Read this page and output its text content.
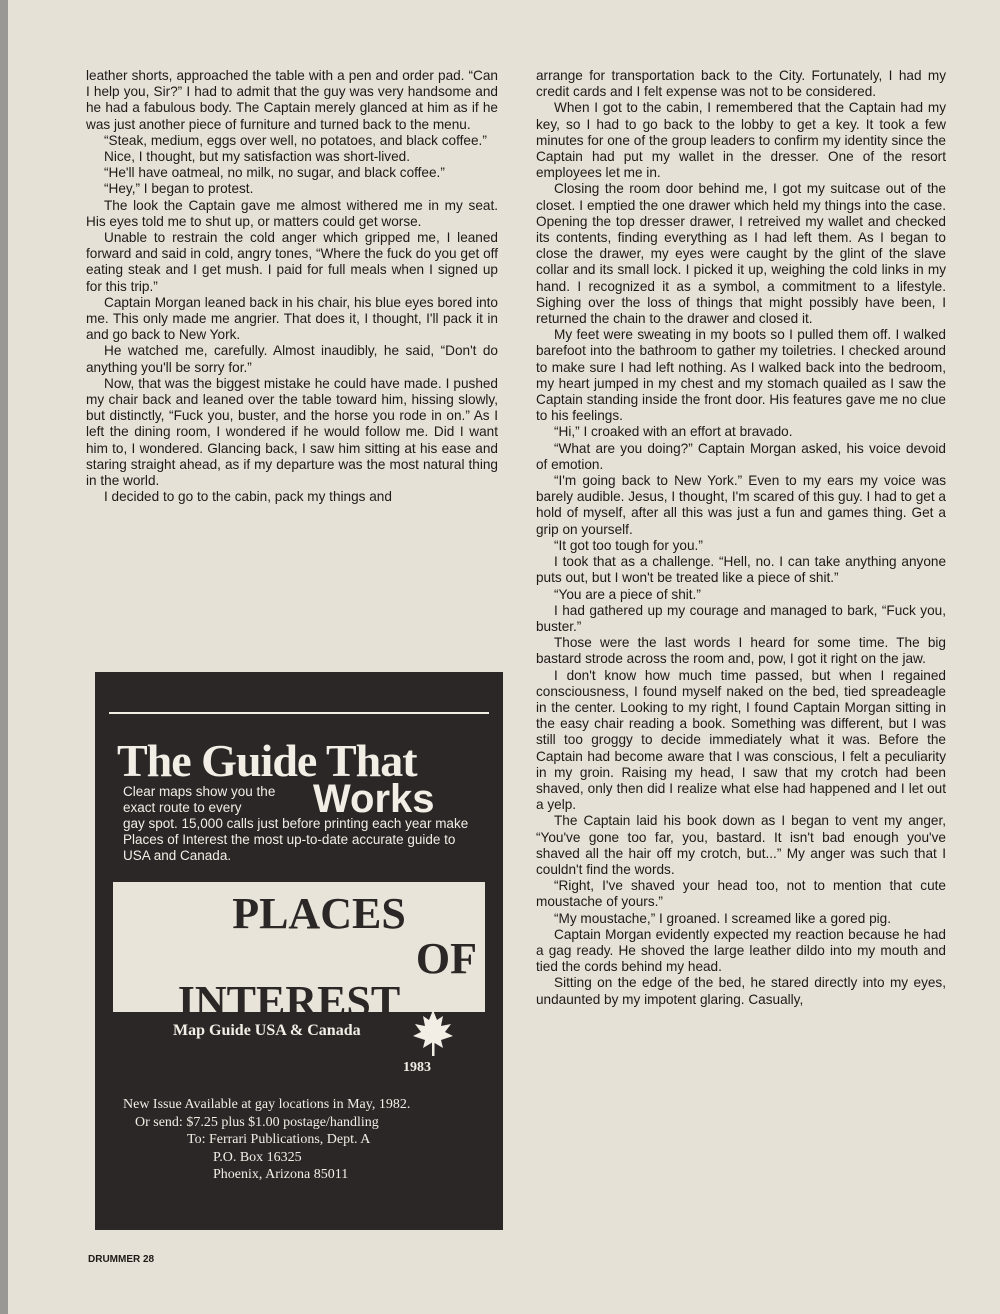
leather shorts, approached the table with a pen and order pad. “Can I help you, Sir?” I had to admit that the guy was very handsome and he had a fabulous body. The Captain merely glanced at him as if he was just another piece of furniture and turned back to the menu.

“Steak, medium, eggs over well, no potatoes, and black coffee.”

Nice, I thought, but my satisfaction was short-lived.

“He'll have oatmeal, no milk, no sugar, and black coffee.”

“Hey,” I began to protest.

The look the Captain gave me almost withered me in my seat. His eyes told me to shut up, or matters could get worse.

Unable to restrain the cold anger which gripped me, I leaned forward and said in cold, angry tones, “Where the fuck do you get off eating steak and I get mush. I paid for full meals when I signed up for this trip.”

Captain Morgan leaned back in his chair, his blue eyes bored into me. This only made me angrier. That does it, I thought, I'll pack it in and go back to New York.

He watched me, carefully. Almost inaudibly, he said, “Don't do anything you'll be sorry for.”

Now, that was the biggest mistake he could have made. I pushed my chair back and leaned over the table toward him, hissing slowly, but distinctly, “Fuck you, buster, and the horse you rode in on.” As I left the dining room, I wondered if he would follow me. Did I want him to, I wondered. Glancing back, I saw him sitting at his ease and staring straight ahead, as if my departure was the most natural thing in the world.

I decided to go to the cabin, pack my things and

arrange for transportation back to the City. Fortunately, I had my credit cards and I felt expense was not to be considered.

When I got to the cabin, I remembered that the Captain had my key, so I had to go back to the lobby to get a key. It took a few minutes for one of the group leaders to confirm my identity since the Captain had put my wallet in the dresser. One of the resort employees let me in.

Closing the room door behind me, I got my suitcase out of the closet. I emptied the one drawer which held my things into the case. Opening the top dresser drawer, I retreived my wallet and checked its contents, finding everything as I had left them. As I began to close the drawer, my eyes were caught by the glint of the slave collar and its small lock. I picked it up, weighing the cold links in my hand. I recognized it as a symbol, a commitment to a lifestyle. Sighing over the loss of things that might possibly have been, I returned the chain to the drawer and closed it.

My feet were sweating in my boots so I pulled them off. I walked barefoot into the bathroom to gather my toiletries. I checked around to make sure I had left nothing. As I walked back into the bedroom, my heart jumped in my chest and my stomach quailed as I saw the Captain standing inside the front door. His features gave me no clue to his feelings.

“Hi,” I croaked with an effort at bravado.

“What are you doing?” Captain Morgan asked, his voice devoid of emotion.

“I'm going back to New York.” Even to my ears my voice was barely audible. Jesus, I thought, I'm scared of this guy. I had to get a hold of myself, after all this was just a fun and games thing. Get a grip on yourself.

“It got too tough for you.”

I took that as a challenge. “Hell, no. I can take anything anyone puts out, but I won't be treated like a piece of shit.”

“You are a piece of shit.”

I had gathered up my courage and managed to bark, “Fuck you, buster.”

Those were the last words I heard for some time. The big bastard strode across the room and, pow, I got it right on the jaw.

I don't know how much time passed, but when I regained consciousness, I found myself naked on the bed, tied spreadeagle in the center. Looking to my right, I found Captain Morgan sitting in the easy chair reading a book. Something was different, but I was still too groggy to decide immediately what it was. Before the Captain had become aware that I was conscious, I felt a peculiarity in my groin. Raising my head, I saw that my crotch had been shaved, only then did I realize what else had happened and I let out a yelp.

The Captain laid his book down as I began to vent my anger, “You've gone too far, you, bastard. It isn't bad enough you've shaved all the hair off my crotch, but...” My anger was such that I couldn't find the words.

“Right, I've shaved your head too, not to mention that cute moustache of yours.”

“My moustache,” I groaned. I screamed like a gored pig.

Captain Morgan evidently expected my reaction because he had a gag ready. He shoved the large leather dildo into my mouth and tied the cords behind my head.

Sitting on the edge of the bed, he stared directly into my eyes, undaunted by my impotent glaring. Casually,

The Guide That
Works
Clear maps show you the exact route to every
gay spot. 15,000 calls just before printing each year make Places of Interest the most up-to-date accurate guide to USA and Canada.
PLACES
OF
INTEREST
Map Guide USA & Canada
1983
New Issue Available at gay locations in May, 1982.
Or send: $7.25 plus $1.00 postage/handling
To: Ferrari Publications, Dept. A
P.O. Box 16325
Phoenix, Arizona 85011
DRUMMER 28
